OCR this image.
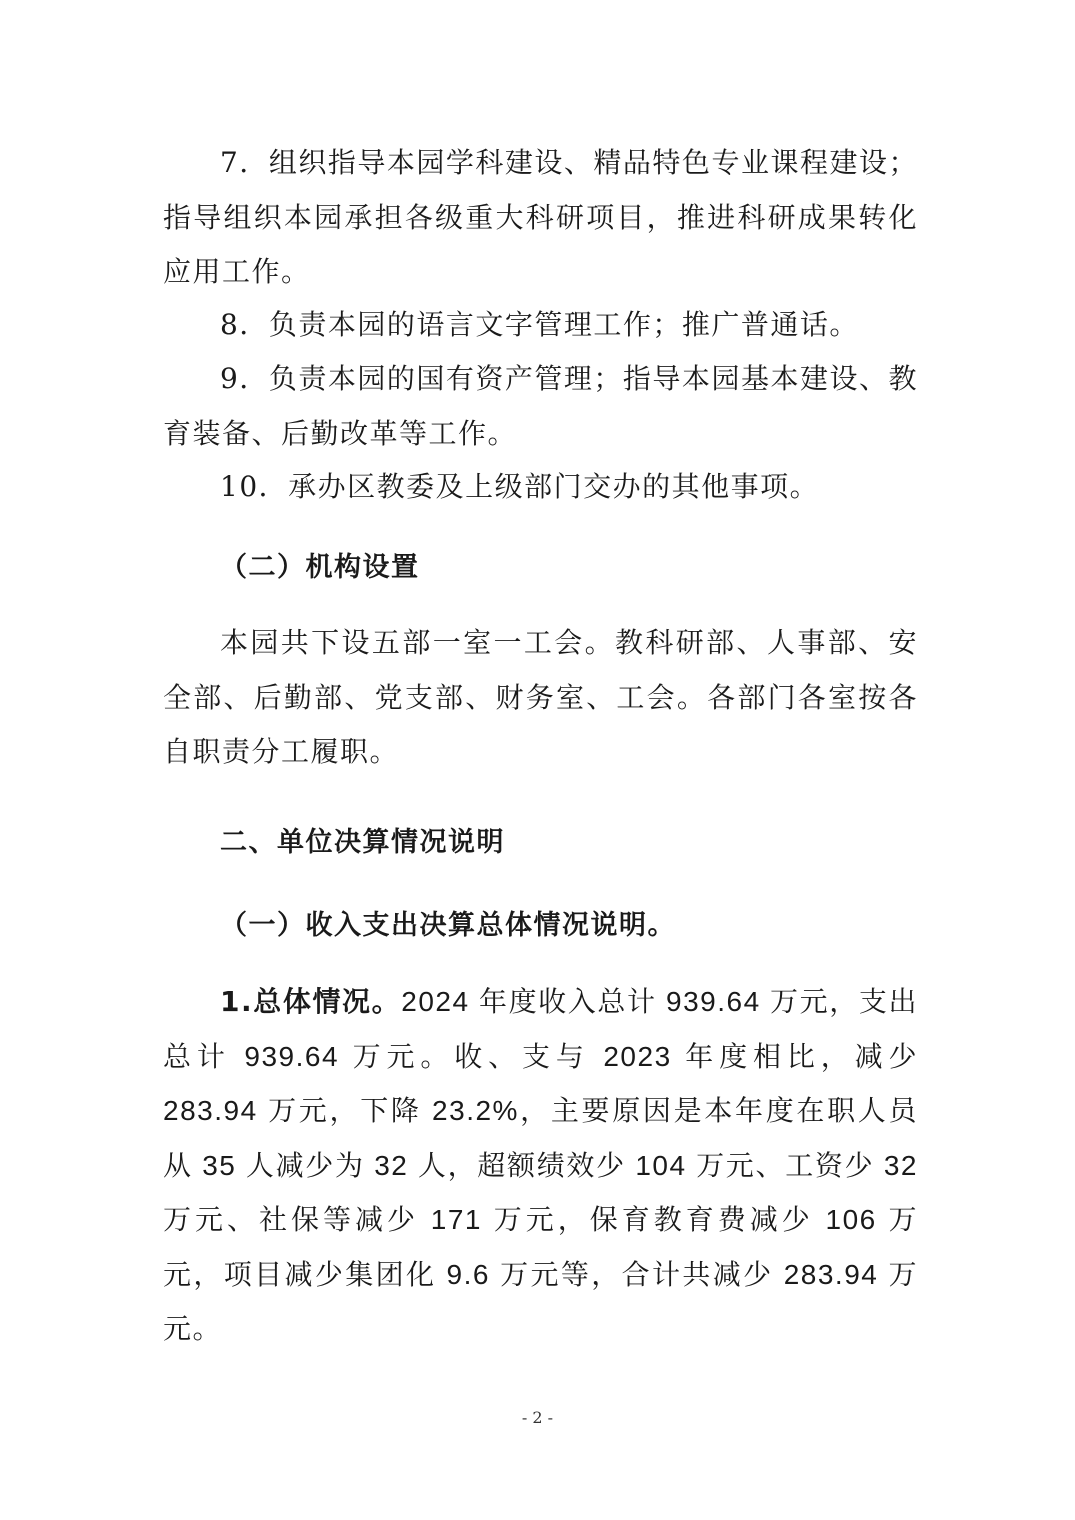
7．组织指导本园学科建设、精品特色专业课程建设；指导组织本园承担各级重大科研项目，推进科研成果转化应用工作。

8．负责本园的语言文字管理工作；推广普通话。

9．负责本园的国有资产管理；指导本园基本建设、教育装备、后勤改革等工作。

10．承办区教委及上级部门交办的其他事项。

（二）机构设置

本园共下设五部一室一工会。教科研部、人事部、安全部、后勤部、党支部、财务室、工会。各部门各室按各自职责分工履职。

二、单位决算情况说明
（一）收入支出决算总体情况说明。

1.总体情况。2024 年度收入总计 939.64 万元，支出总计 939.64 万元。收、支与 2023 年度相比，减少 283.94 万元，下降 23.2%，主要原因是本年度在职人员从 35 人减少为 32 人，超额绩效少 104 万元、工资少 32 万元、社保等减少 171 万元，保育教育费减少 106 万元，项目减少集团化 9.6 万元等，合计共减少 283.94 万元。

- 2 -
